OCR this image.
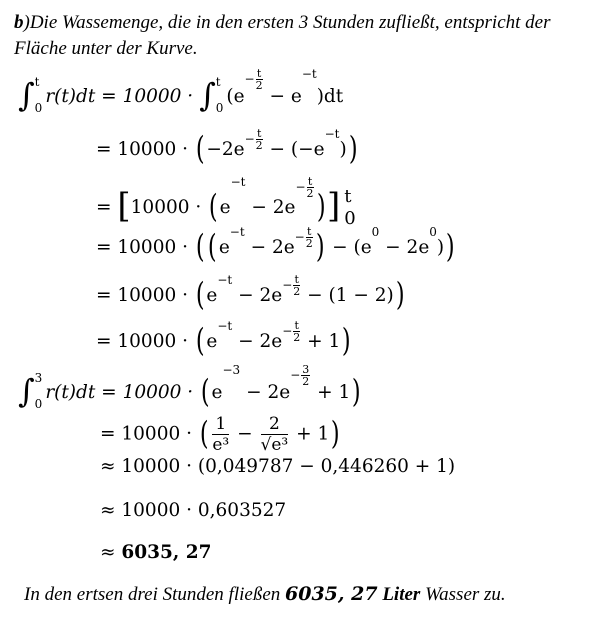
b)Die Wassemenge, die in den ersten 3 Stunden zufließt, entspricht der Fläche unter der Kurve.
∫ t
0
r(t)dt = 10000 · ∫ t
0
($e- \frac{t}{2}$
− e−t)dt
= 10000 · ( $-2e- \frac{t}{2} - (-e-t)$)
= [10000 · ( $e-t - 2e- \frac{t}{2}$ )] t
0
= 10000 · ( ( $e-t - 2e- \frac{t}{2}$ ) − (e0 − 2e0))
= 10000 · ( $e-t - 2e- \frac{t}{2} - (1 - 2)$)
= 10000 · ( $e-t - 2e- \frac{t}{2} + 1$)
∫ 3
0
r(t)dt = 10000 · ( $e-3 - 2e- \frac{3}{2}$
+ 1)
= 10000 · ( $\frac{1}{\text{e³}} - \frac{2}{\text{√e³}} + 1$)
≈ 10000 · (0,049787 − 0,446260 + 1)
≈ 10000 · 0,603527
≈ 6035, 27
In den ertsen drei Stunden fließen 6035, 27 Liter Wasser zu.
